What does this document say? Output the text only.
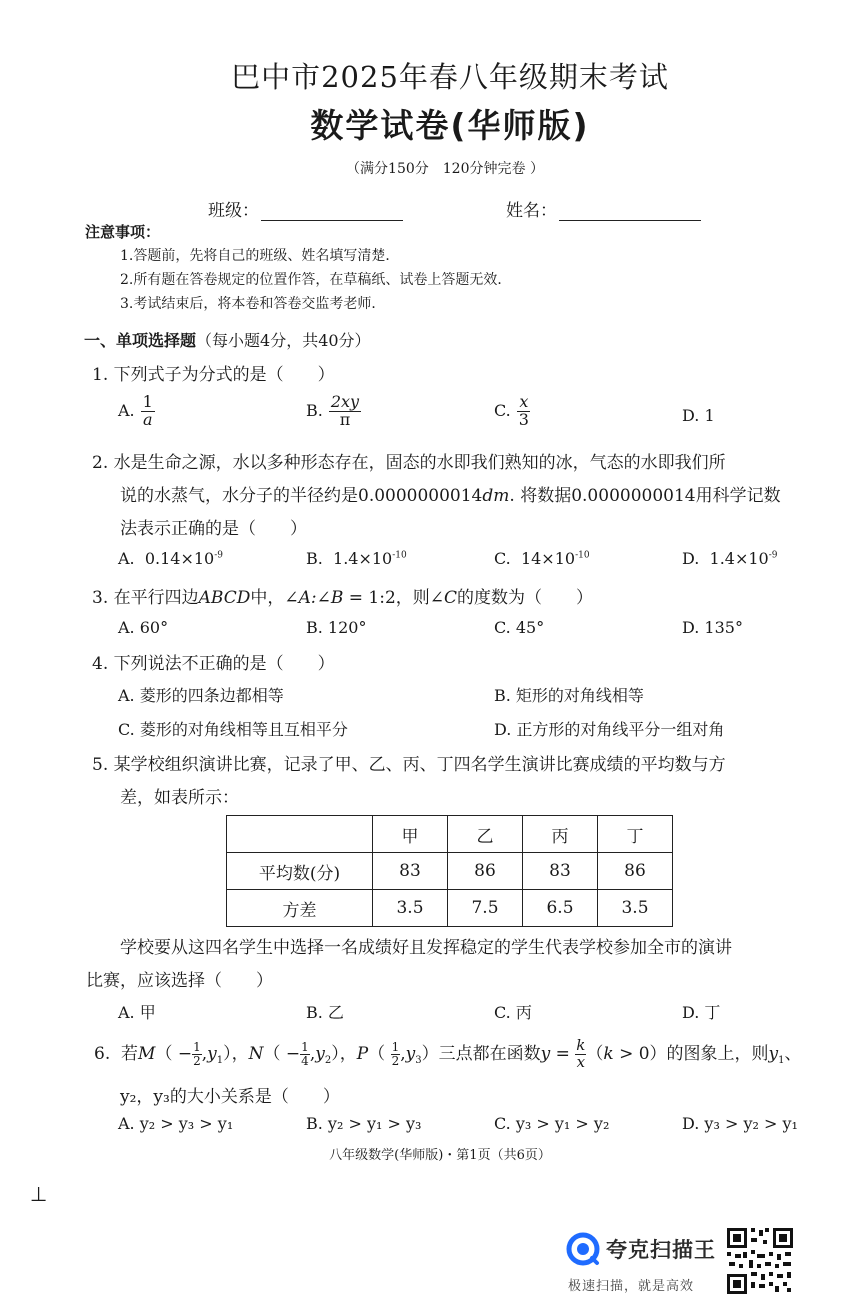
巴中市2025年春八年级期末考试
数学试卷(华师版)
（满分150分　120分钟完卷 ）
班级：	姓名：
注意事项：
1.答题前，先将自己的班级、姓名填写清楚．
2.所有题在答卷规定的位置作答，在草稿纸、试卷上答题无效．
3.考试结束后，将本卷和答卷交监考老师．
一、单项选择题（每小题4分，共40分）
1. 下列式子为分式的是（　　）
A. $\frac{1}{a}$	B. $\frac{2xy}{\pi}$	C. $\frac{x}{3}$	D. 1
2. 水是生命之源，水以多种形态存在，固态的水即我们熟知的冰，气态的水即我们所
说的水蒸气，水分子的半径约是0.0000000014dm. 将数据0.0000000014用科学记数
法表示正确的是（　　）
A. $0.14\times 10^{-9}$	B. $1.4\times 10^{-10}$	C. $14\times 10^{-10}$	D. $1.4\times 10^{-9}$
3. 在平行四边ABCD中，∠A:∠B = 1:2，则∠C的度数为（　　）
A. 60°	B. 120°	C. 45°	D. 135°
4. 下列说法不正确的是（　　）
A. 菱形的四条边都相等	B. 矩形的对角线相等
C. 菱形的对角线相等且互相平分	D. 正方形的对角线平分一组对角
5. 某学校组织演讲比赛，记录了甲、乙、丙、丁四名学生演讲比赛成绩的平均数与方
差，如表所示：
	甲	乙	丙	丁
平均数(分)	83	86	83	86
方差	3.5	7.5	6.5	3.5
学校要从这四名学生中选择一名成绩好且发挥稳定的学生代表学校参加全市的演讲
比赛，应该选择（　　）
A. 甲	B. 乙	C. 丙	D. 丁
6.  若$M( - \frac{1}{2} ,y_1)$，$N( - \frac{1}{4} ,y_2)$，$P( \frac{1}{2} ,y_3)$三点都在函数$y = \frac{k}{x} (k > 0)$的图象上，则$y_1$、
y₂，y₃的大小关系是（　　）
A. y₂ > y₃ > y₁	B. y₂ > y₁ > y₃	C. y₃ > y₁ > y₂	D. y₃ > y₂ > y₁
八年级数学(华师版)・第1页（共6页）
⊥
夸克扫描王
极速扫描，就是高效
